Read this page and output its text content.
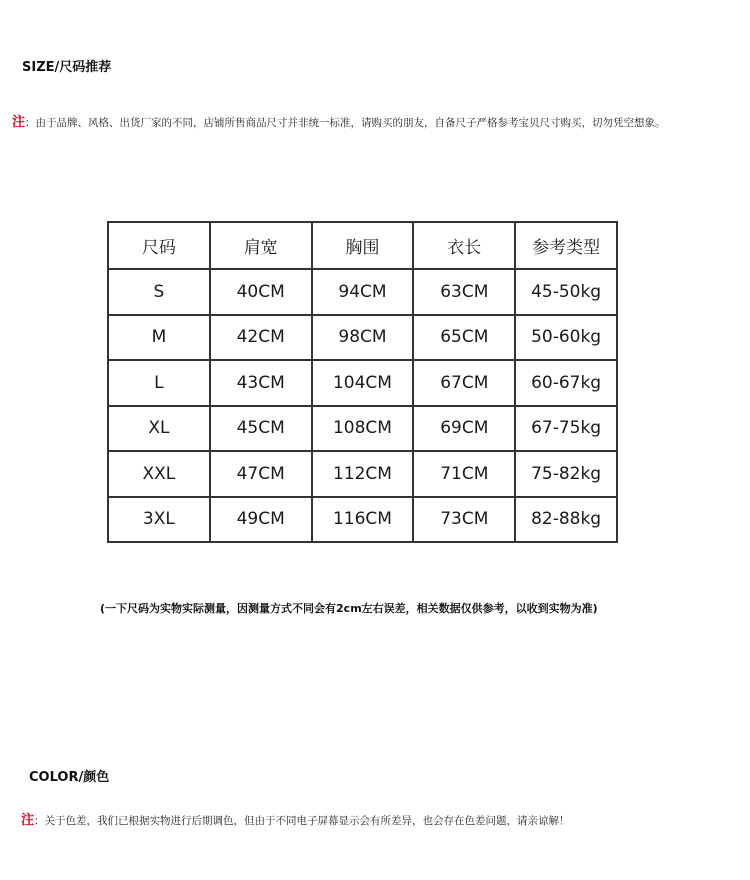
SIZE/尺码推荐
注：由于品牌、风格、出货厂家的不同，店铺所售商品尺寸并非统一标准，请购买的朋友，自备尺子严格参考宝贝尺寸购买，切勿凭空想象。
尺码	肩宽	胸围	衣长	参考类型
S	40CM	94CM	63CM	45-50kg
M	42CM	98CM	65CM	50-60kg
L	43CM	104CM	67CM	60-67kg
XL	45CM	108CM	69CM	67-75kg
XXL	47CM	112CM	71CM	75-82kg
3XL	49CM	116CM	73CM	82-88kg
(一下尺码为实物实际测量，因测量方式不同会有2cm左右误差，相关数据仅供参考，以收到实物为准)
COLOR/颜色
注：关于色差，我们已根据实物进行后期调色，但由于不同电子屏幕显示会有所差异，也会存在色差问题，请亲谅解！
